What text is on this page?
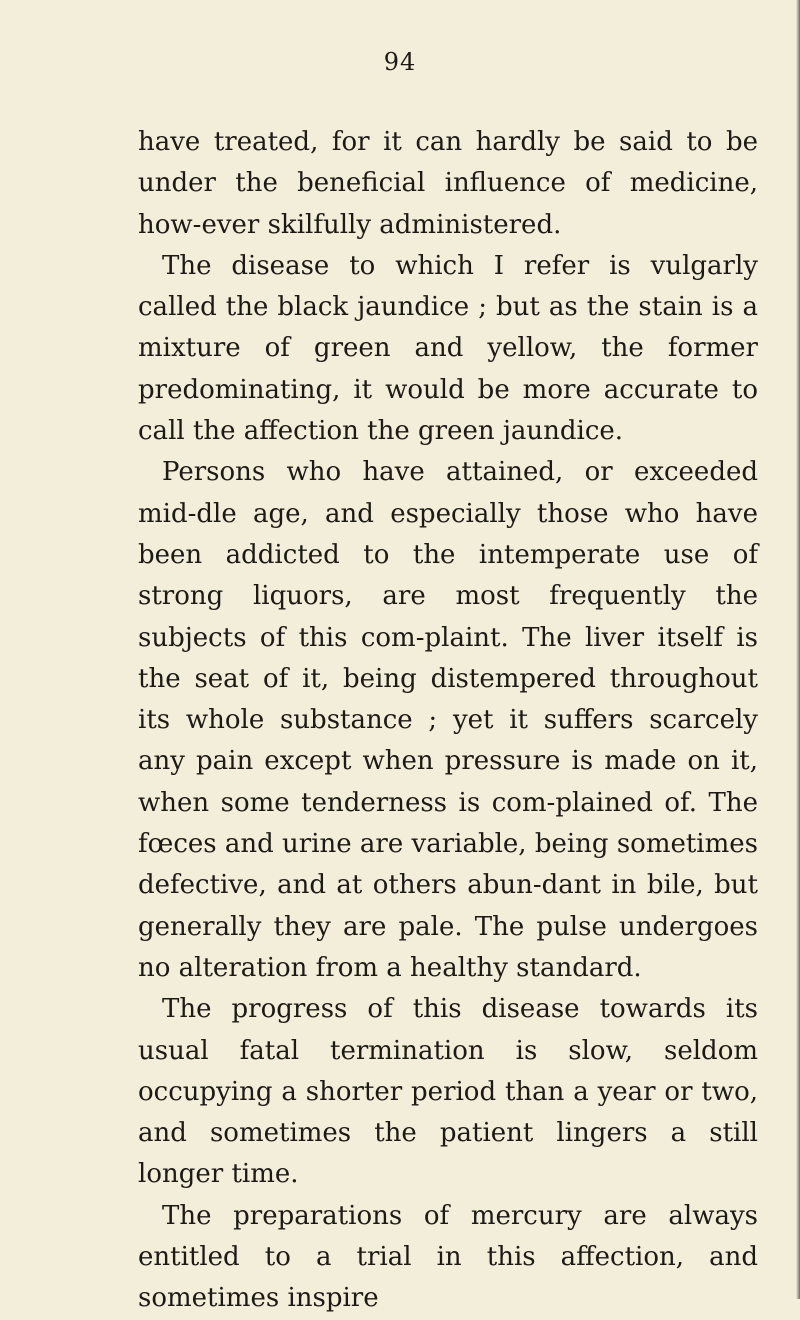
94

have treated, for it can hardly be said to be under the beneficial influence of medicine, how-ever skilfully administered.

The disease to which I refer is vulgarly called the black jaundice ; but as the stain is a mixture of green and yellow, the former predominating, it would be more accurate to call the affection the green jaundice.

Persons who have attained, or exceeded mid-dle age, and especially those who have been addicted to the intemperate use of strong liquors, are most frequently the subjects of this com-plaint. The liver itself is the seat of it, being distempered throughout its whole substance ; yet it suffers scarcely any pain except when pressure is made on it, when some tenderness is com-plained of. The fœces and urine are variable, being sometimes defective, and at others abun-dant in bile, but generally they are pale. The pulse undergoes no alteration from a healthy standard.

The progress of this disease towards its usual fatal termination is slow, seldom occupying a shorter period than a year or two, and sometimes the patient lingers a still longer time.

The preparations of mercury are always entitled to a trial in this affection, and sometimes inspire
